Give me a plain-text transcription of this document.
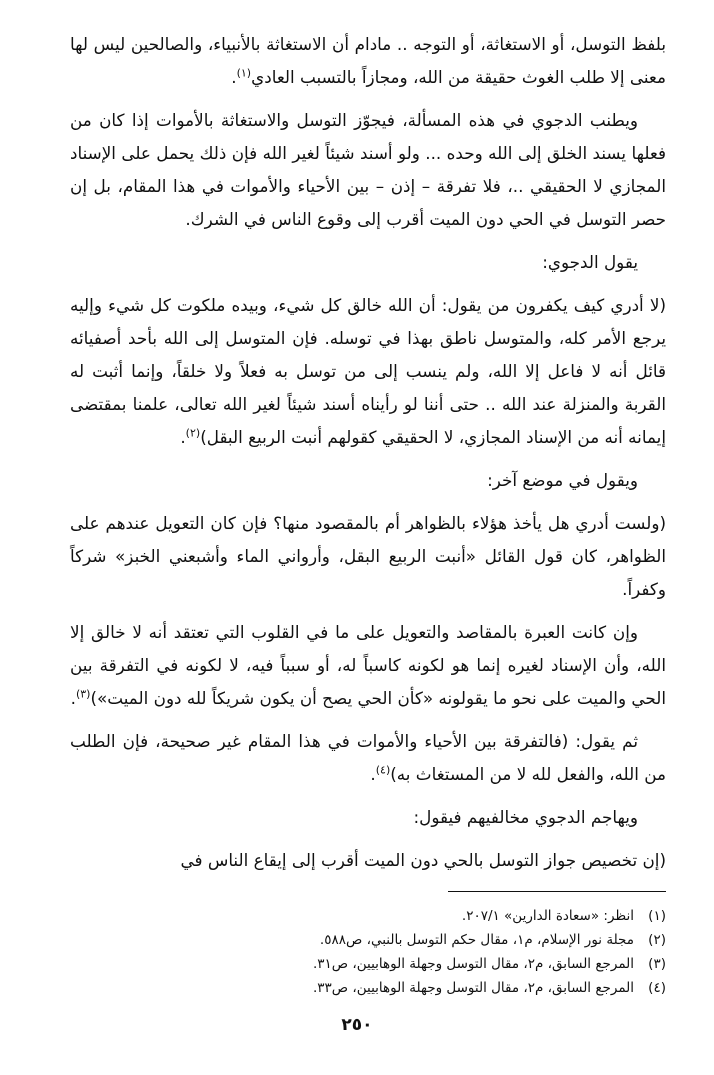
بلفظ التوسل، أو الاستغاثة، أو التوجه .. مادام أن الاستغاثة بالأنبياء، والصالحين ليس لها معنى إلا طلب الغوث حقيقة من الله، ومجازاً بالتسبب العادي$^{(١)}$.

ويطنب الدجوي في هذه المسألة، فيجوّز التوسل والاستغاثة بالأموات إذا كان من فعلها يسند الخلق إلى الله وحده ... ولو أسند شيئاً لغير الله فإن ذلك يحمل على الإسناد المجازي لا الحقيقي ..، فلا تفرقة – إذن – بين الأحياء والأموات في هذا المقام، بل إن حصر التوسل في الحي دون الميت أقرب إلى وقوع الناس في الشرك.

يقول الدجوي:

(لا أدري كيف يكفرون من يقول: أن الله خالق كل شيء، وبيده ملكوت كل شيء وإليه يرجع الأمر كله، والمتوسل ناطق بهذا في توسله. فإن المتوسل إلى الله بأحد أصفيائه قائل أنه لا فاعل إلا الله، ولم ينسب إلى من توسل به فعلاً ولا خلقاً، وإنما أثبت له القربة والمنزلة عند الله .. حتى أننا لو رأيناه أسند شيئاً لغير الله تعالى، علمنا بمقتضى إيمانه أنه من الإسناد المجازي، لا الحقيقي كقولهم أنبت الربيع البقل)$^{(٢)}$.

ويقول في موضع آخر:

(ولست أدري هل يأخذ هؤلاء بالظواهر أم بالمقصود منها؟ فإن كان التعويل عندهم على الظواهر، كان قول القائل «أنبت الربيع البقل، وأرواني الماء وأشبعني الخبز» شركاً وكفراً.

وإن كانت العبرة بالمقاصد والتعويل على ما في القلوب التي تعتقد أنه لا خالق إلا الله، وأن الإسناد لغيره إنما هو لكونه كاسباً له، أو سبباً فيه، لا لكونه في التفرقة بين الحي والميت على نحو ما يقولونه «كأن الحي يصح أن يكون شريكاً لله دون الميت»)$^{(٣)}$.

ثم يقول: (فالتفرقة بين الأحياء والأموات في هذا المقام غير صحيحة، فإن الطلب من الله، والفعل لله لا من المستغاث به)$^{(٤)}$.

ويهاجم الدجوي مخالفيهم فيقول:

(إن تخصيص جواز التوسل بالحي دون الميت أقرب إلى إيقاع الناس في

(١)
انظر: «سعادة الدارين» ٢٠٧/١.
(٢)
مجلة نور الإسلام، م١، مقال حكم التوسل بالنبي، ص٥٨٨.
(٣)
المرجع السابق، م٢، مقال التوسل وجهلة الوهابيين، ص٣١.
(٤)
المرجع السابق، م٢، مقال التوسل وجهلة الوهابيين، ص٣٣.
٢٥٠
